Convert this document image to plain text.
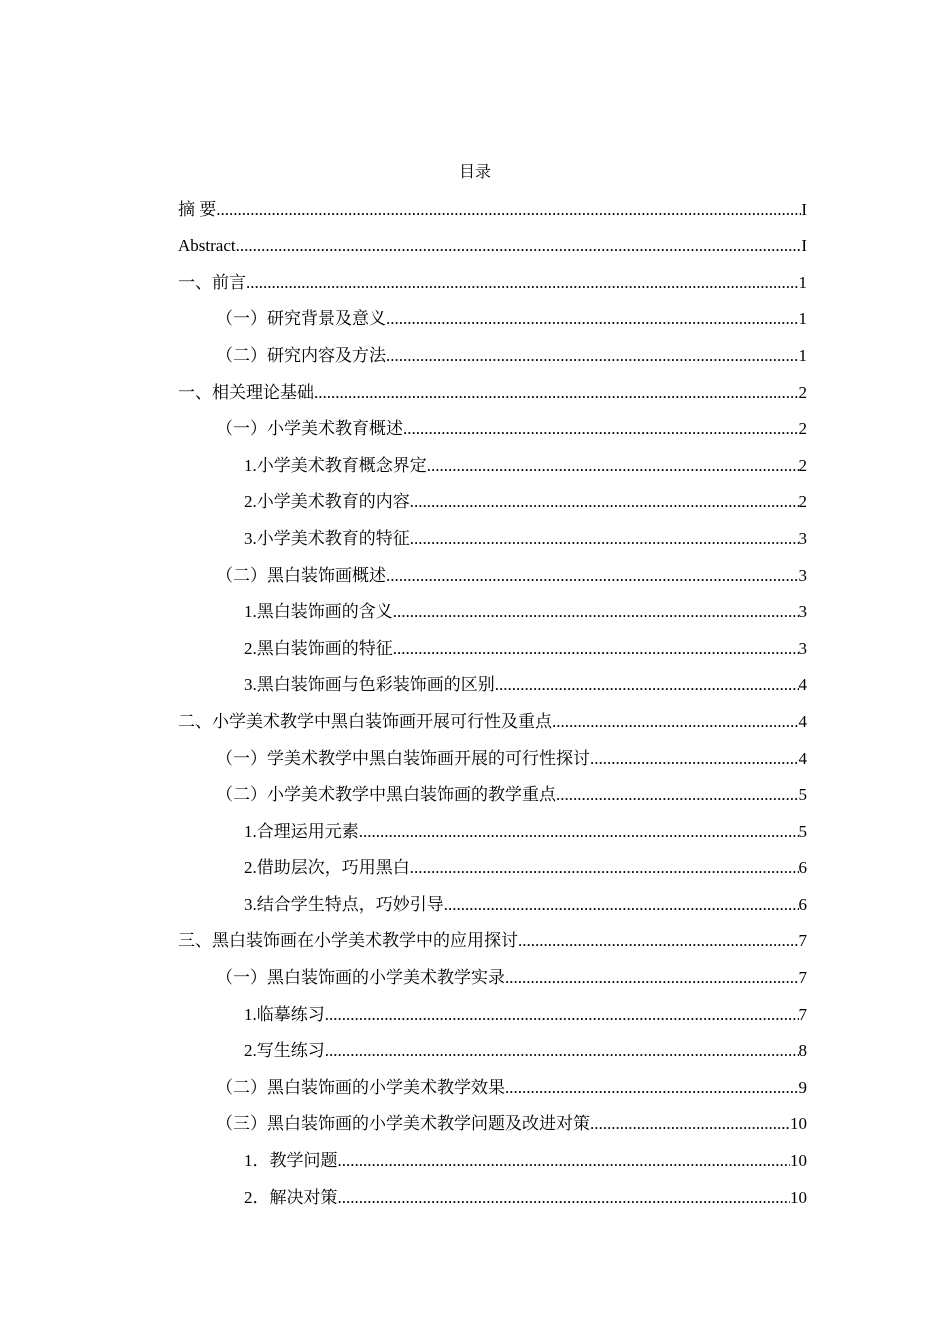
目录
摘 要 .....	I
Abstract .....	I
一、前言 .....	1
（一）研究背景及意义 .....	1
（二）研究内容及方法 .....	1
一、相关理论基础 .....	2
（一）小学美术教育概述 .....	2
1.小学美术教育概念界定 .....	2
2.小学美术教育的内容 .....	2
3.小学美术教育的特征 .....	3
（二）黑白装饰画概述 .....	3
1.黑白装饰画的含义 .....	3
2.黑白装饰画的特征 .....	3
3.黑白装饰画与色彩装饰画的区别 .....	4
二、小学美术教学中黑白装饰画开展可行性及重点 .....	4
（一）学美术教学中黑白装饰画开展的可行性探讨 .....	4
（二）小学美术教学中黑白装饰画的教学重点 .....	5
1.合理运用元素 .....	5
2.借助层次，巧用黑白 .....	6
3.结合学生特点，巧妙引导 .....	6
三、黑白装饰画在小学美术教学中的应用探讨 .....	7
（一）黑白装饰画的小学美术教学实录 .....	7
1.临摹练习 .....	7
2.写生练习 .....	8
（二）黑白装饰画的小学美术教学效果 .....	9
（三）黑白装饰画的小学美术教学问题及改进对策 .....	10
1．教学问题 .....	10
2．解决对策 .....	10
